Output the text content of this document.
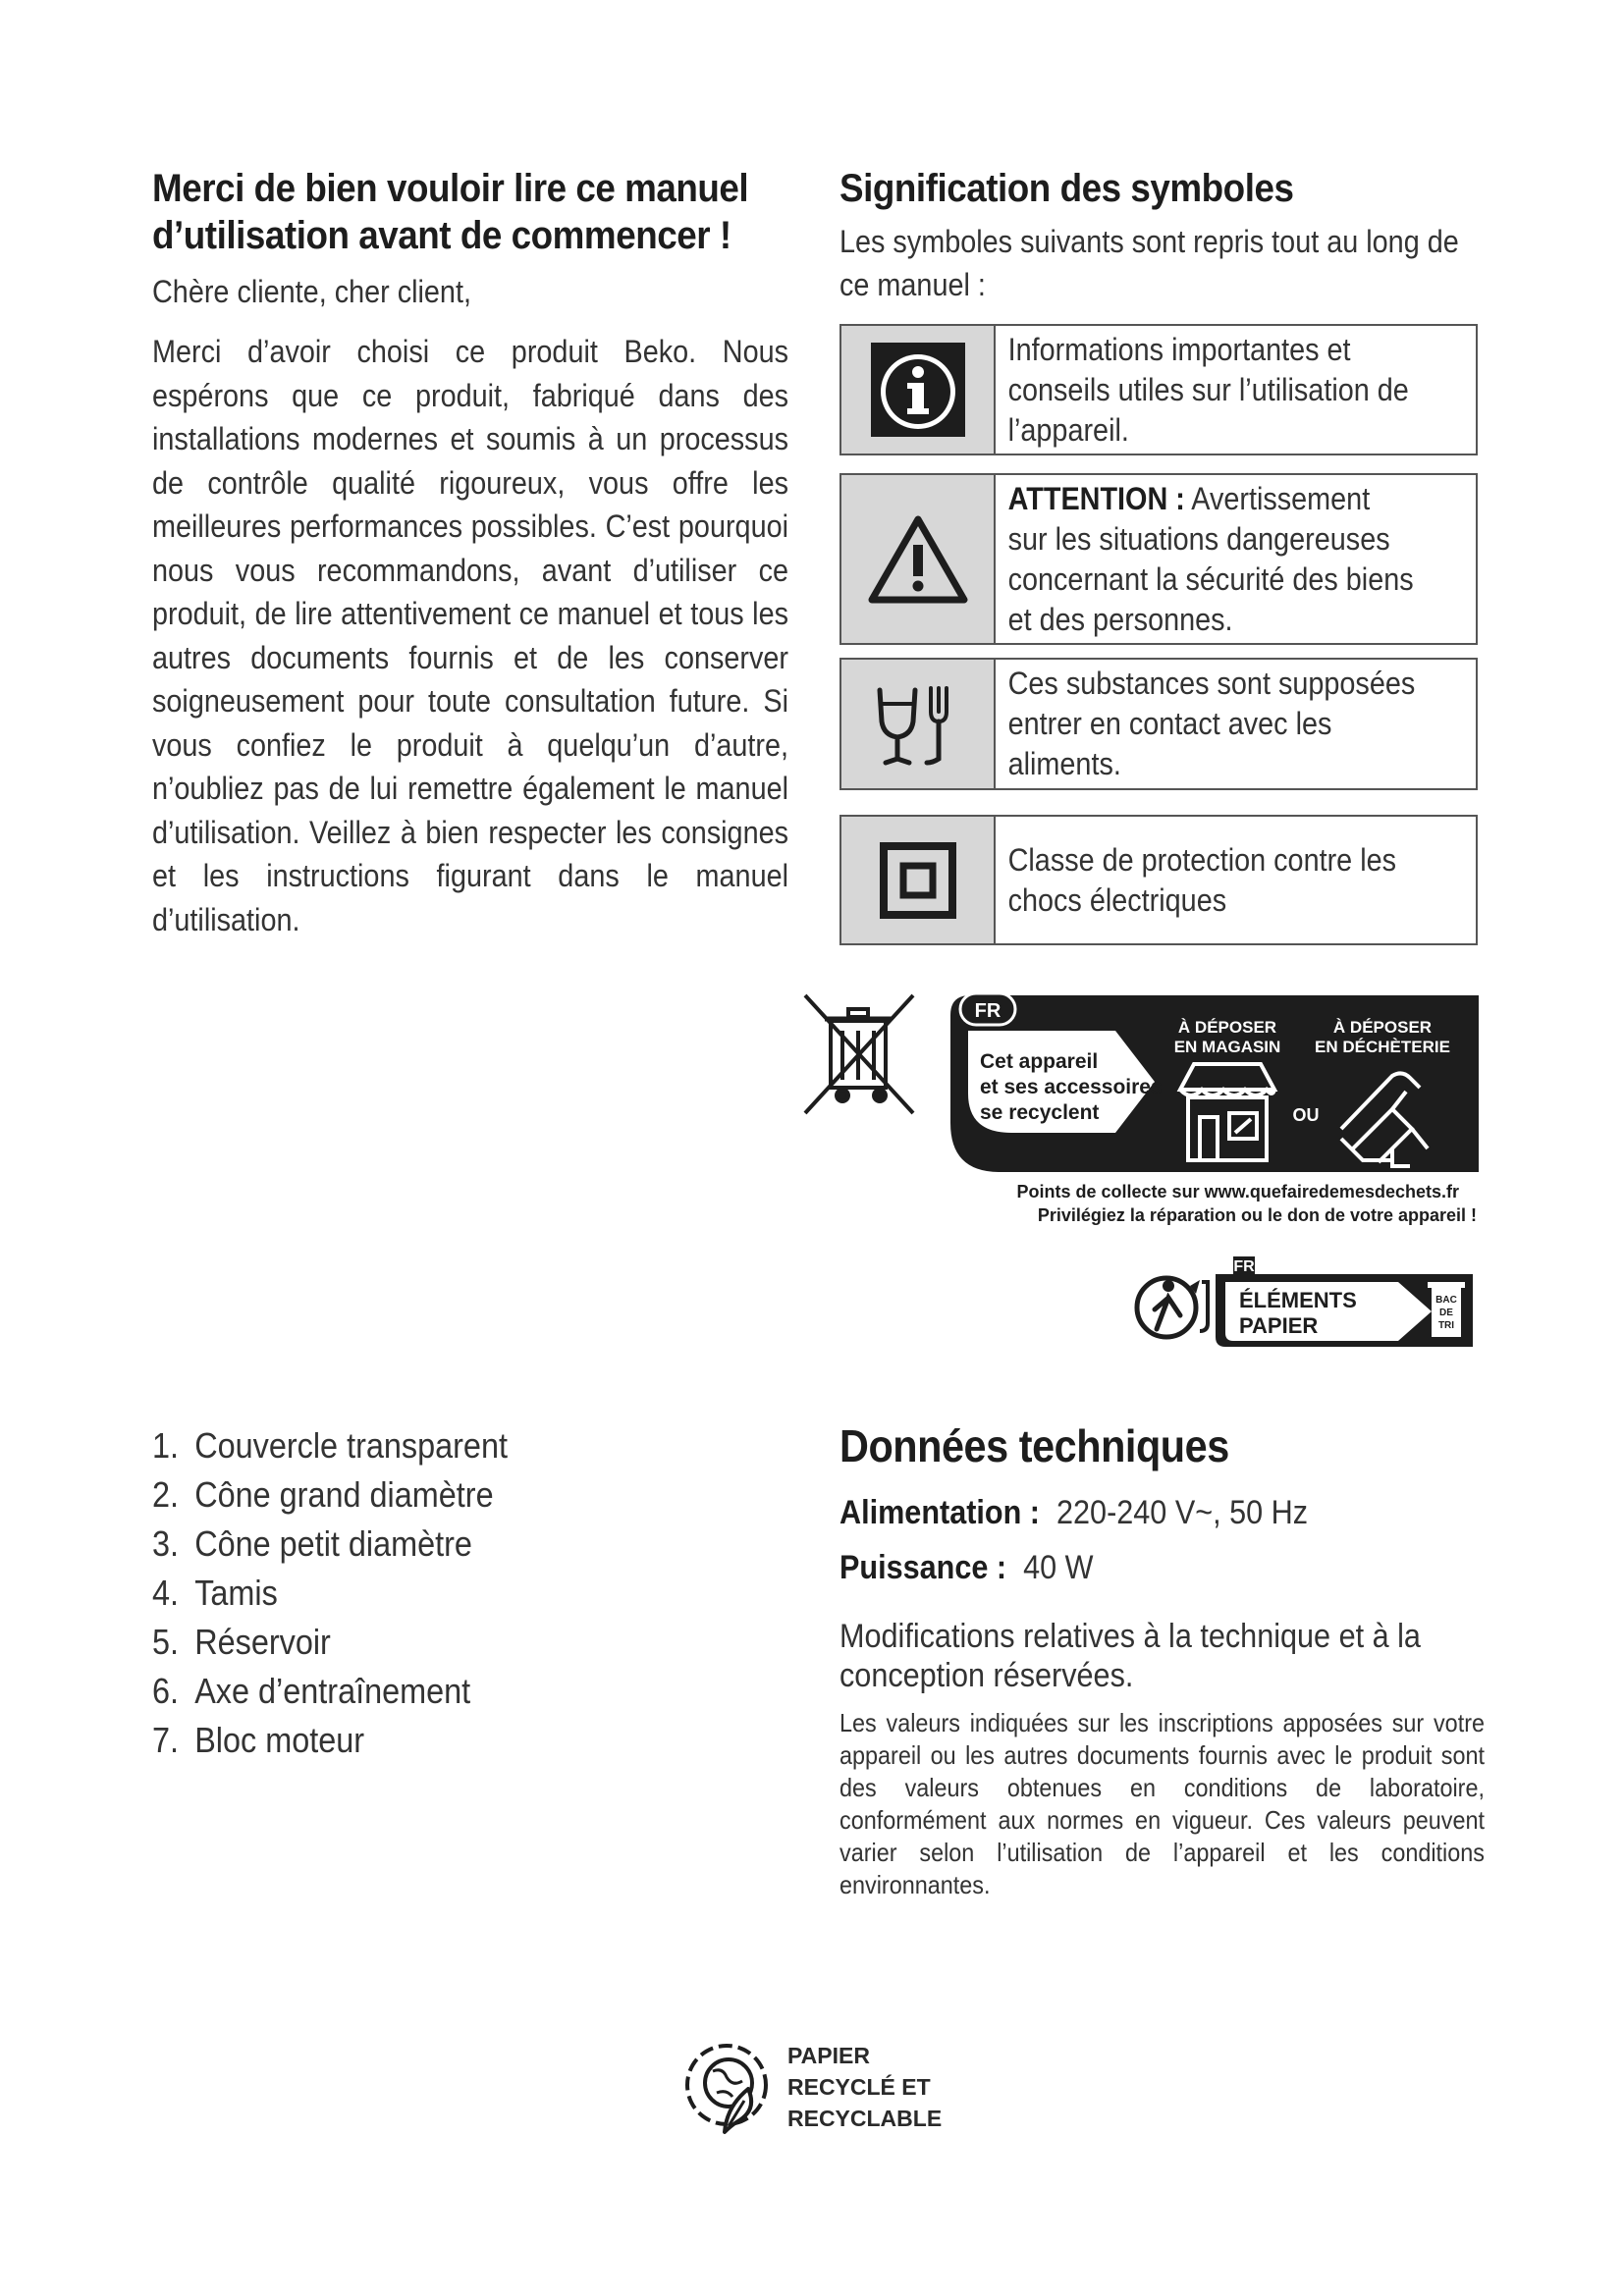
Merci de bien vouloir lire ce manuel
d’utilisation avant de commencer !

Chère cliente, cher client,

Merci d’avoir choisi ce produit Beko. Nous espérons que ce produit, fabriqué dans des installations modernes et soumis à un processus de contrôle qualité rigoureux, vous offre les meilleures performances possibles. C’est pourquoi nous vous recommandons, avant d’utiliser ce produit, de lire attentivement ce manuel et tous les autres documents fournis et de les conserver soigneusement pour toute consultation future. Si vous confiez le produit à quelqu’un d’autre, n’oubliez pas de lui remettre également le manuel d’utilisation. Veillez à bien respecter les consignes et les instructions figurant dans le manuel d’utilisation.

Signification des symboles

Les symboles suivants sont repris tout au long de ce manuel :

Informations importantes et conseils utiles sur l’utilisation de l’appareil.
ATTENTION : Avertissement sur les situations dangereuses concernant la sécurité des biens et des personnes.
Ces substances sont supposées entrer en contact avec les aliments.
Classe de protection contre les chocs électriques
FR
Cet appareil
et ses accessoires
se recyclent
À DÉPOSER
EN MAGASIN
À DÉPOSER
EN DÉCHÈTERIE
OU
Points de collecte sur www.quefairedemesdechets.fr
Privilégiez la réparation ou le don de votre appareil !
FR
ÉLÉMENTS
PAPIER
BAC
DE
TRI
1. Couvercle transparent
2. Cône grand diamètre
3. Cône petit diamètre
4. Tamis
5. Réservoir
6. Axe d’entraînement
7. Bloc moteur
Données techniques
Alimentation : 220-240 V~, 50 Hz
Puissance : 40 W
Modifications relatives à la technique et à la conception réservées.
Les valeurs indiquées sur les inscriptions apposées sur votre appareil ou les autres documents fournis avec le produit sont des valeurs obtenues en conditions de laboratoire, conformément aux normes en vigueur. Ces valeurs peuvent varier selon l’utilisation de l’appareil et les conditions environnantes.
PAPIER
RECYCLÉ ET
RECYCLABLE
